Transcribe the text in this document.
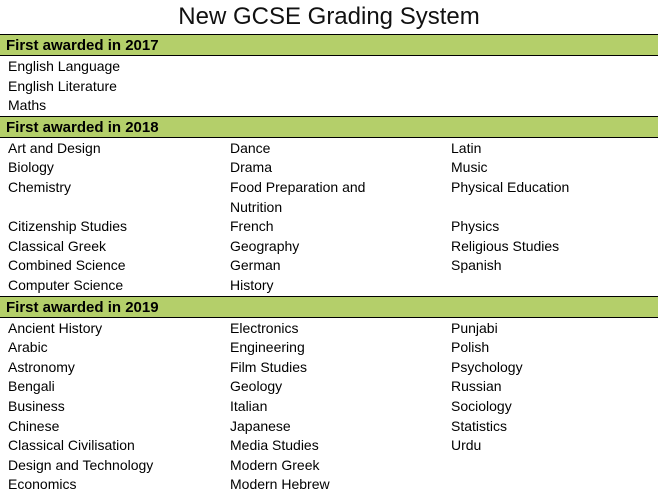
New GCSE Grading System
First awarded in 2017
English Language
English Literature
Maths
First awarded in 2018
Art and Design
Biology
Chemistry
Citizenship Studies
Classical Greek
Combined Science
Computer Science
Dance
Drama
Food Preparation and Nutrition
French
Geography
German
History
Latin
Music
Physical Education
Physics
Religious Studies
Spanish
First awarded in 2019
Ancient History
Arabic
Astronomy
Bengali
Business
Chinese
Classical Civilisation
Design and Technology
Economics
Electronics
Engineering
Film Studies
Geology
Italian
Japanese
Media Studies
Modern Greek
Modern Hebrew
Punjabi
Polish
Psychology
Russian
Sociology
Statistics
Urdu
